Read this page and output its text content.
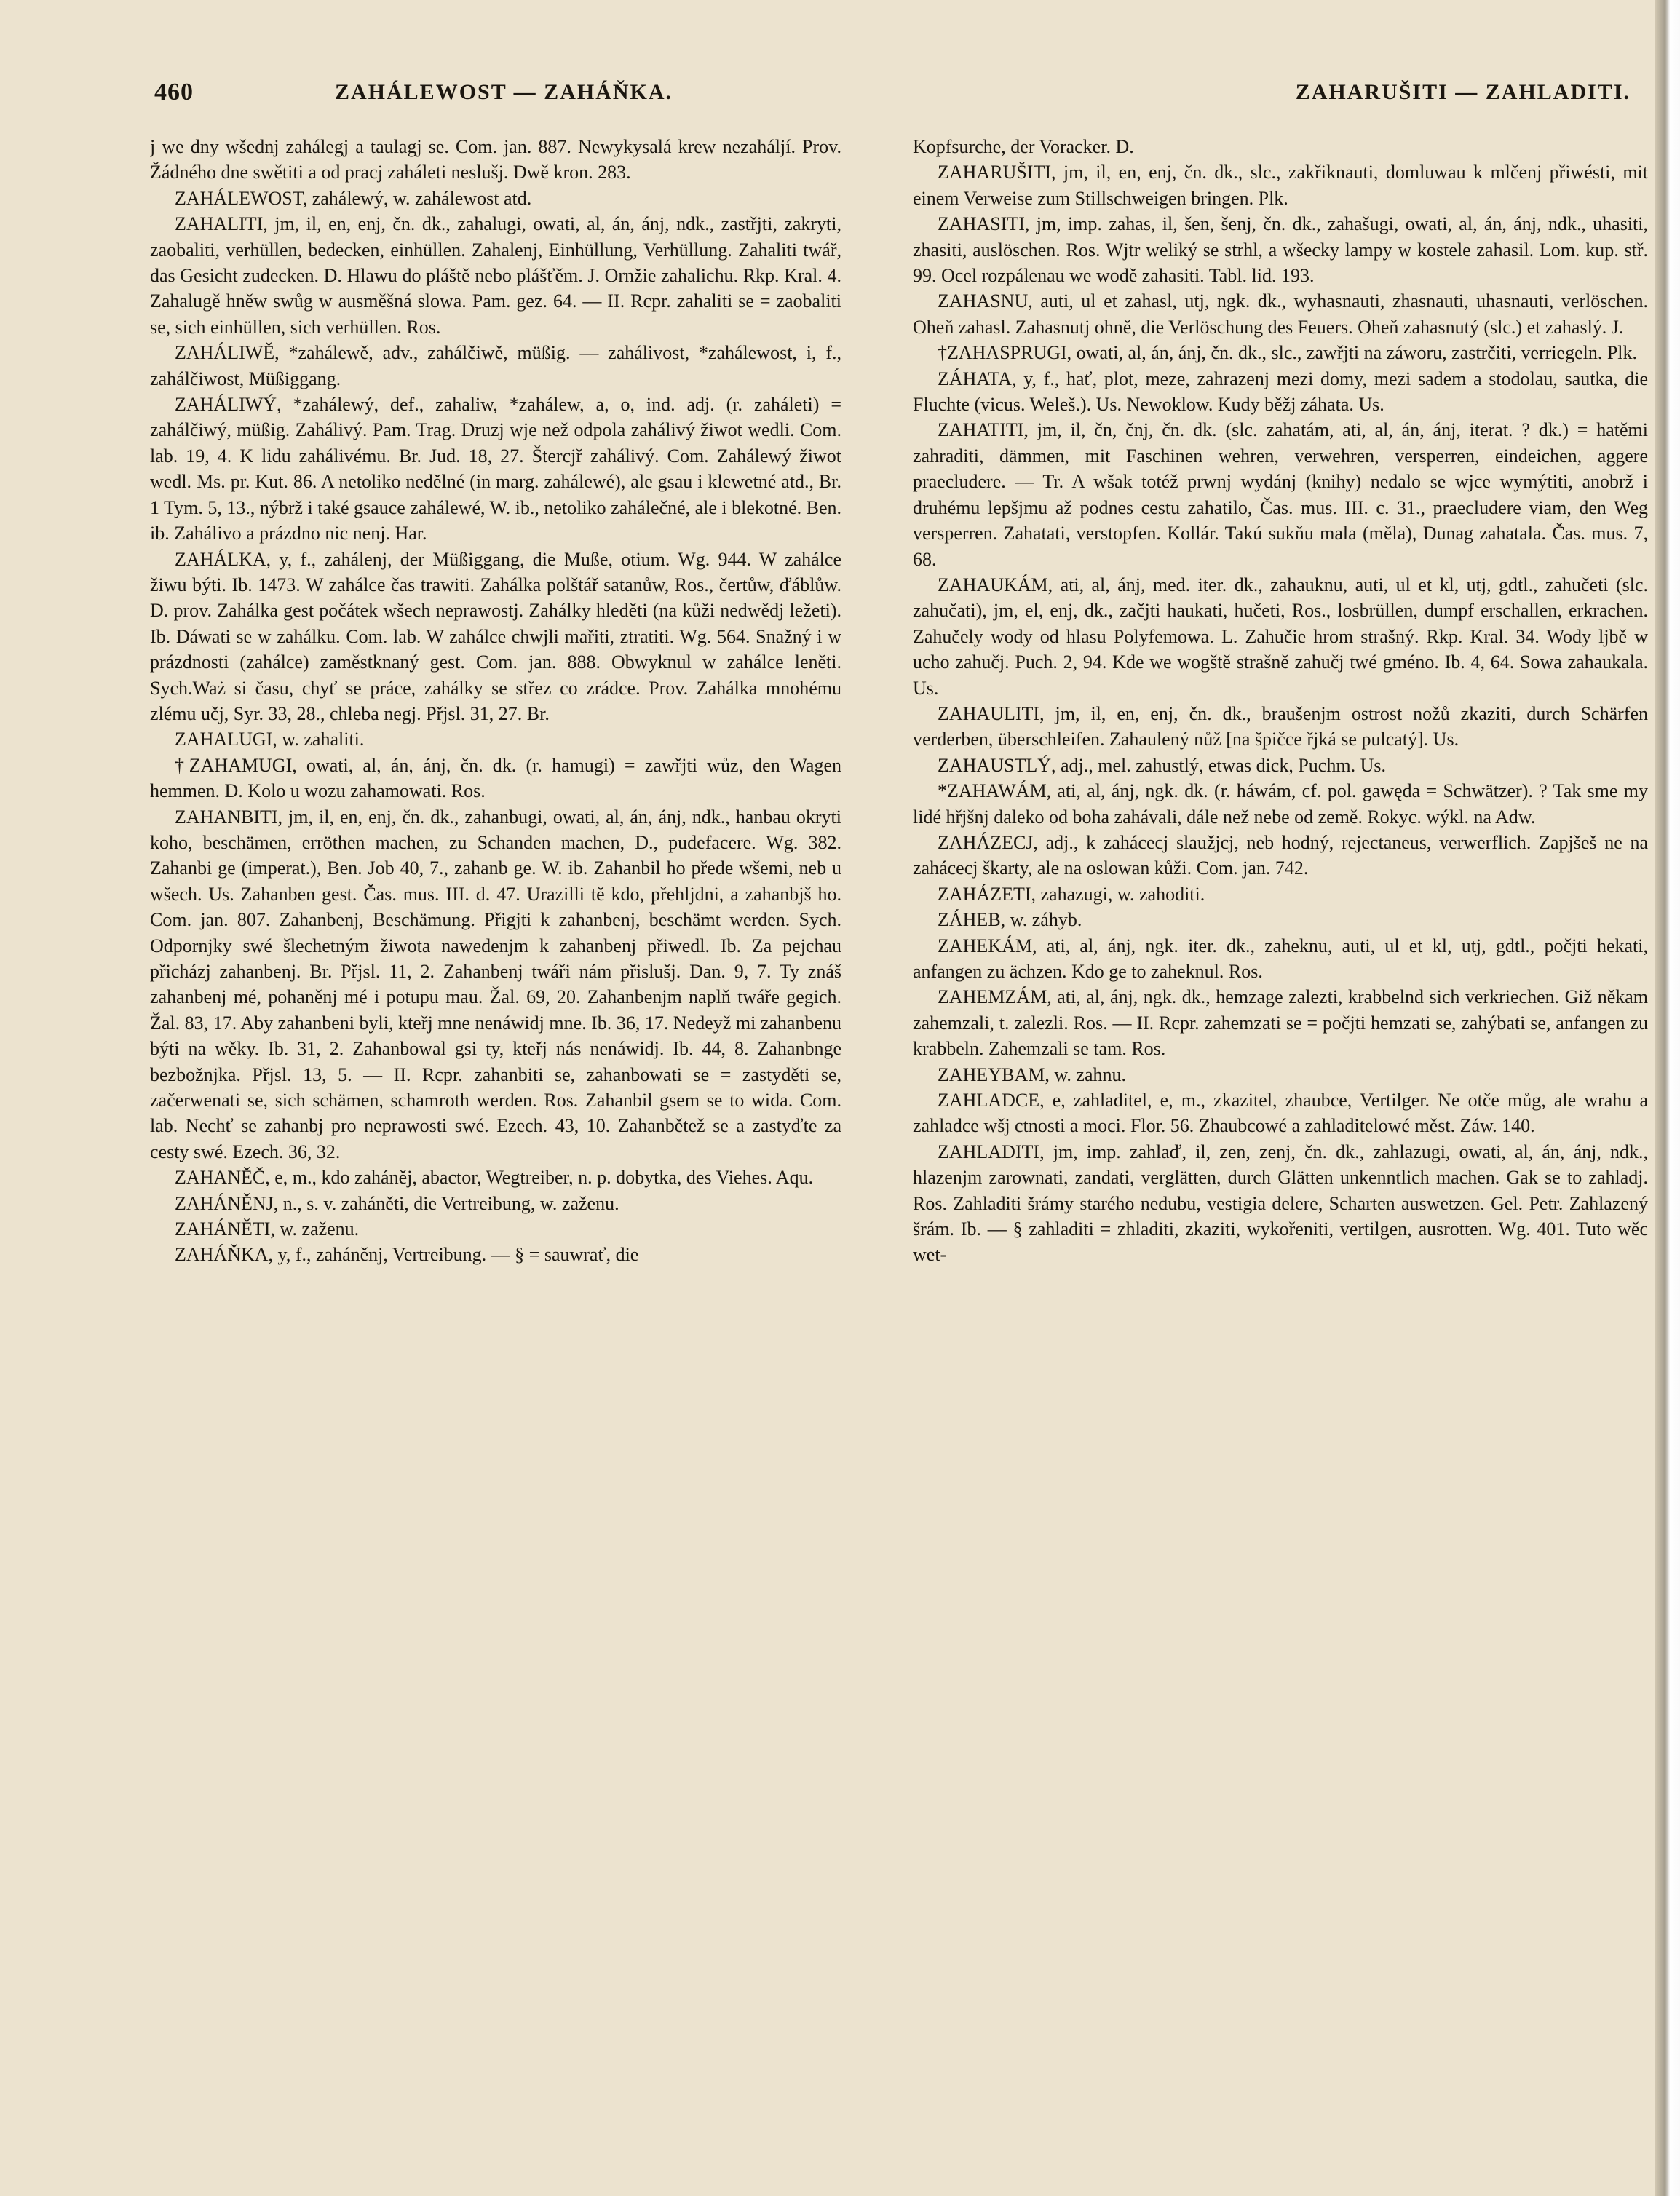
460	ZAHÁLEWOST — ZAHÁŇKA.	ZAHARUŠITI — ZAHLADITI.

j we dny wšednj zahálegj a taulagj se. Com. jan. 887. Newykysalá krew nezaháljí. Prov. Žádného dne swětiti a od pracj zaháleti neslušj. Dwě kron. 283.

ZAHÁLEWOST, zahálewý, w. zahálewost atd.

ZAHALITI, jm, il, en, enj, čn. dk., zahalugi, owati, al, án, ánj, ndk., zastřjti, zakryti, zaobaliti, verhüllen, bedecken, einhüllen. Zahalenj, Einhüllung, Verhüllung. Zahaliti twář, das Gesicht zudecken. D. Hlawu do pláště nebo plášťěm. J. Ornžie zahalichu. Rkp. Kral. 4. Zahalugě hněw swůg w ausměšná slowa. Pam. gez. 64. — II. Rcpr. zahaliti se = zaobaliti se, sich einhüllen, sich verhüllen. Ros.

ZAHÁLIWĚ, *zahálewě, adv., zahálčiwě, müßig. — zahálivost, *zahálewost, i, f., zahálčiwost, Müßiggang.

ZAHÁLIWÝ, *zahálewý, def., zahaliw, *zahálew, a, o, ind. adj. (r. zaháleti) = zahálčiwý, müßig. Zahálivý. Pam. Trag. Druzj wje než odpola zahálivý žiwot wedli. Com. lab. 19, 4. K lidu zahálivému. Br. Jud. 18, 27. Štercjř zahálivý. Com. Zahálewý žiwot wedl. Ms. pr. Kut. 86. A netoliko nedělné (in marg. zahálewé), ale gsau i klewetné atd., Br. 1 Tym. 5, 13., nýbrž i také gsauce zahálewé, W. ib., netoliko zahálečné, ale i blekotné. Ben. ib. Zahálivo a prázdno nic nenj. Har.

ZAHÁLKA, y, f., zahálenj, der Müßiggang, die Muße, otium. Wg. 944. W zahálce žiwu býti. Ib. 1473. W zahálce čas trawiti. Zahálka polštář satanůw, Ros., čertůw, ďáblůw. D. prov. Zahálka gest počátek wšech neprawostj. Zahálky hleděti (na kůži nedwědj ležeti). Ib. Dáwati se w zahálku. Com. lab. W zahálce chwjli mařiti, ztratiti. Wg. 564. Snažný i w prázdnosti (zahálce) zaměstknaný gest. Com. jan. 888. Obwyknul w zahálce leněti. Sych.Waż si času, chyť se práce, zahálky se střez co zrádce. Prov. Zahálka mnohému zlému učj, Syr. 33, 28., chleba negj. Přjsl. 31, 27. Br.

ZAHALUGI, w. zahaliti.

†ZAHAMUGI, owati, al, án, ánj, čn. dk. (r. hamugi) = zawřjti wůz, den Wagen hemmen. D. Kolo u wozu zahamowati. Ros.

ZAHANBITI, jm, il, en, enj, čn. dk., zahanbugi, owati, al, án, ánj, ndk., hanbau okryti koho, beschämen, erröthen machen, zu Schanden machen, D., pudefacere. Wg. 382. Zahanbi ge (imperat.), Ben. Job 40, 7., zahanb ge. W. ib. Zahanbil ho přede wšemi, neb u wšech. Us. Zahanben gest. Čas. mus. III. d. 47. Urazilli tě kdo, přehljdni, a zahanbjš ho. Com. jan. 807. Zahanbenj, Beschämung. Přigjti k zahanbenj, beschämt werden. Sych. Odpornjky swé šlechetným žiwota nawedenjm k zahanbenj přiwedl. Ib. Za pejchau přicházj zahanbenj. Br. Přjsl. 11, 2. Zahanbenj twáři nám přislušj. Dan. 9, 7. Ty znáš zahanbenj mé, pohaněnj mé i potupu mau. Žal. 69, 20. Zahanbenjm naplň twáře gegich. Žal. 83, 17. Aby zahanbeni byli, kteřj mne nenáwidj mne. Ib. 36, 17. Nedeyž mi zahanbenu býti na wěky. Ib. 31, 2. Zahanbowal gsi ty, kteřj nás nenáwidj. Ib. 44, 8. Zahanbnge bezbožnjka. Přjsl. 13, 5. — II. Rcpr. zahanbiti se, zahanbowati se = zastyděti se, začerwenati se, sich schämen, schamroth werden. Ros. Zahanbil gsem se to wida. Com. lab. Nechť se zahanbj pro neprawosti swé. Ezech. 43, 10. Zahanbětež se a zastyďte za cesty swé. Ezech. 36, 32.

ZAHANĚČ, e, m., kdo zaháněj, abactor, Wegtreiber, n. p. dobytka, des Viehes. Aqu.

ZAHÁNĚNJ, n., s. v. zaháněti, die Vertreibung, w. zaženu.

ZAHÁNĚTI, w. zaženu.

ZAHÁŇKA, y, f., zaháněnj, Vertreibung. — § = sauwrať, die

Kopfsurche, der Voracker. D.

ZAHARUŠITI, jm, il, en, enj, čn. dk., slc., zakřiknauti, domluwau k mlčenj přiwésti, mit einem Verweise zum Stillschweigen bringen. Plk.

ZAHASITI, jm, imp. zahas, il, šen, šenj, čn. dk., zahašugi, owati, al, án, ánj, ndk., uhasiti, zhasiti, auslöschen. Ros. Wjtr weliký se strhl, a wšecky lampy w kostele zahasil. Lom. kup. stř. 99. Ocel rozpálenau we wodě zahasiti. Tabl. lid. 193.

ZAHASNU, auti, ul et zahasl, utj, ngk. dk., wyhasnauti, zhasnauti, uhasnauti, verlöschen. Oheň zahasl. Zahasnutj ohně, die Verlöschung des Feuers. Oheň zahasnutý (slc.) et zahaslý. J.

†ZAHASPRUGI, owati, al, án, ánj, čn. dk., slc., zawřjti na záworu, zastrčiti, verriegeln. Plk.

ZÁHATA, y, f., hať, plot, meze, zahrazenj mezi domy, mezi sadem a stodolau, sautka, die Fluchte (vicus. Weleš.). Us. Newoklow. Kudy běžj záhata. Us.

ZAHATITI, jm, il, čn, čnj, čn. dk. (slc. zahatám, ati, al, án, ánj, iterat. ? dk.) = hatěmi zahraditi, dämmen, mit Faschinen wehren, verwehren, versperren, eindeichen, aggere praecludere. — Tr. A wšak totéž prwnj wydánj (knihy) nedalo se wjce wymýtiti, anobrž i druhému lepšjmu až podnes cestu zahatilo, Čas. mus. III. c. 31., praecludere viam, den Weg versperren. Zahatati, verstopfen. Kollár. Takú sukňu mala (měla), Dunag zahatala. Čas. mus. 7, 68.

ZAHAUKÁM, ati, al, ánj, med. iter. dk., zahauknu, auti, ul et kl, utj, gdtl., zahučeti (slc. zahučati), jm, el, enj, dk., začjti haukati, hučeti, Ros., losbrüllen, dumpf erschallen, erkrachen. Zahučely wody od hlasu Polyfemowa. L. Zahučie hrom strašný. Rkp. Kral. 34. Wody ljbě w ucho zahučj. Puch. 2, 94. Kde we wogště strašně zahučj twé gméno. Ib. 4, 64. Sowa zahaukala. Us.

ZAHAULITI, jm, il, en, enj, čn. dk., braušenjm ostrost nožů zkaziti, durch Schärfen verderben, überschleifen. Zahaulený nůž [na špičce řjká se pulcatý]. Us.

ZAHAUSTLÝ, adj., mel. zahustlý, etwas dick, Puchm. Us.

*ZAHAWÁM, ati, al, ánj, ngk. dk. (r. háwám, cf. pol. gawęda = Schwätzer). ? Tak sme my lidé hřjšnj daleko od boha zahávali, dále než nebe od země. Rokyc. wýkl. na Adw.

ZAHÁZECJ, adj., k zahácecj slaužjcj, neb hodný, rejectaneus, verwerflich. Zapjšeš ne na zahácecj škarty, ale na oslowan kůži. Com. jan. 742.

ZAHÁZETI, zahazugi, w. zahoditi.

ZÁHEB, w. záhyb.

ZAHEKÁM, ati, al, ánj, ngk. iter. dk., zaheknu, auti, ul et kl, utj, gdtl., počjti hekati, anfangen zu ächzen. Kdo ge to zaheknul. Ros.

ZAHEMZÁM, ati, al, ánj, ngk. dk., hemzage zalezti, krabbelnd sich verkriechen. Giž někam zahemzali, t. zalezli. Ros. — II. Rcpr. zahemzati se = počjti hemzati se, zahýbati se, anfangen zu krabbeln. Zahemzali se tam. Ros.

ZAHEYBAM, w. zahnu.

ZAHLADCE, e, zahladitel, e, m., zkazitel, zhaubce, Vertilger. Ne otče můg, ale wrahu a zahladce wšj ctnosti a moci. Flor. 56. Zhaubcowé a zahladitelowé měst. Záw. 140.

ZAHLADITI, jm, imp. zahlaď, il, zen, zenj, čn. dk., zahlazugi, owati, al, án, ánj, ndk., hlazenjm zarownati, zandati, verglätten, durch Glätten unkenntlich machen. Gak se to zahladj. Ros. Zahladiti šrámy starého nedubu, vestigia delere, Scharten auswetzen. Gel. Petr. Zahlazený šrám. Ib. — § zahladiti = zhladiti, zkaziti, wykořeniti, vertilgen, ausrotten. Wg. 401. Tuto wěc wet-
